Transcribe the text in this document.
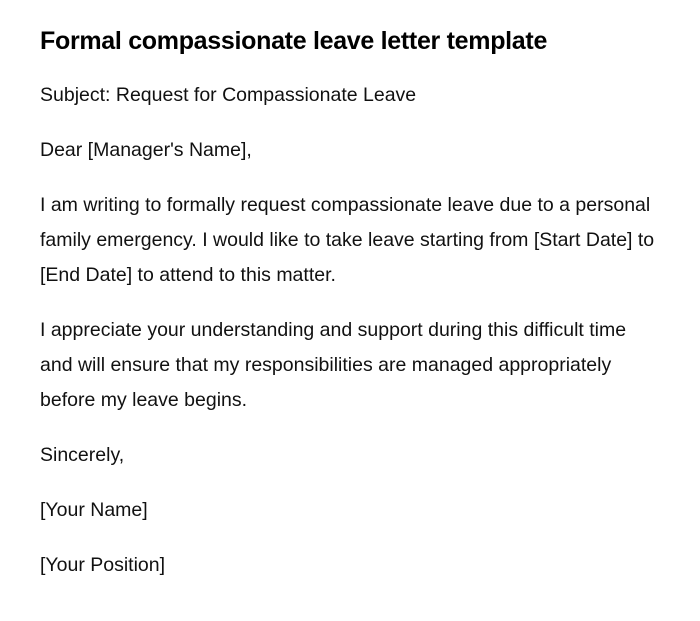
Formal compassionate leave letter template

Subject: Request for Compassionate Leave

Dear [Manager's Name],

I am writing to formally request compassionate leave due to a personal family emergency. I would like to take leave starting from [Start Date] to [End Date] to attend to this matter.

I appreciate your understanding and support during this difficult time and will ensure that my responsibilities are managed appropriately before my leave begins.

Sincerely,

[Your Name]

[Your Position]
